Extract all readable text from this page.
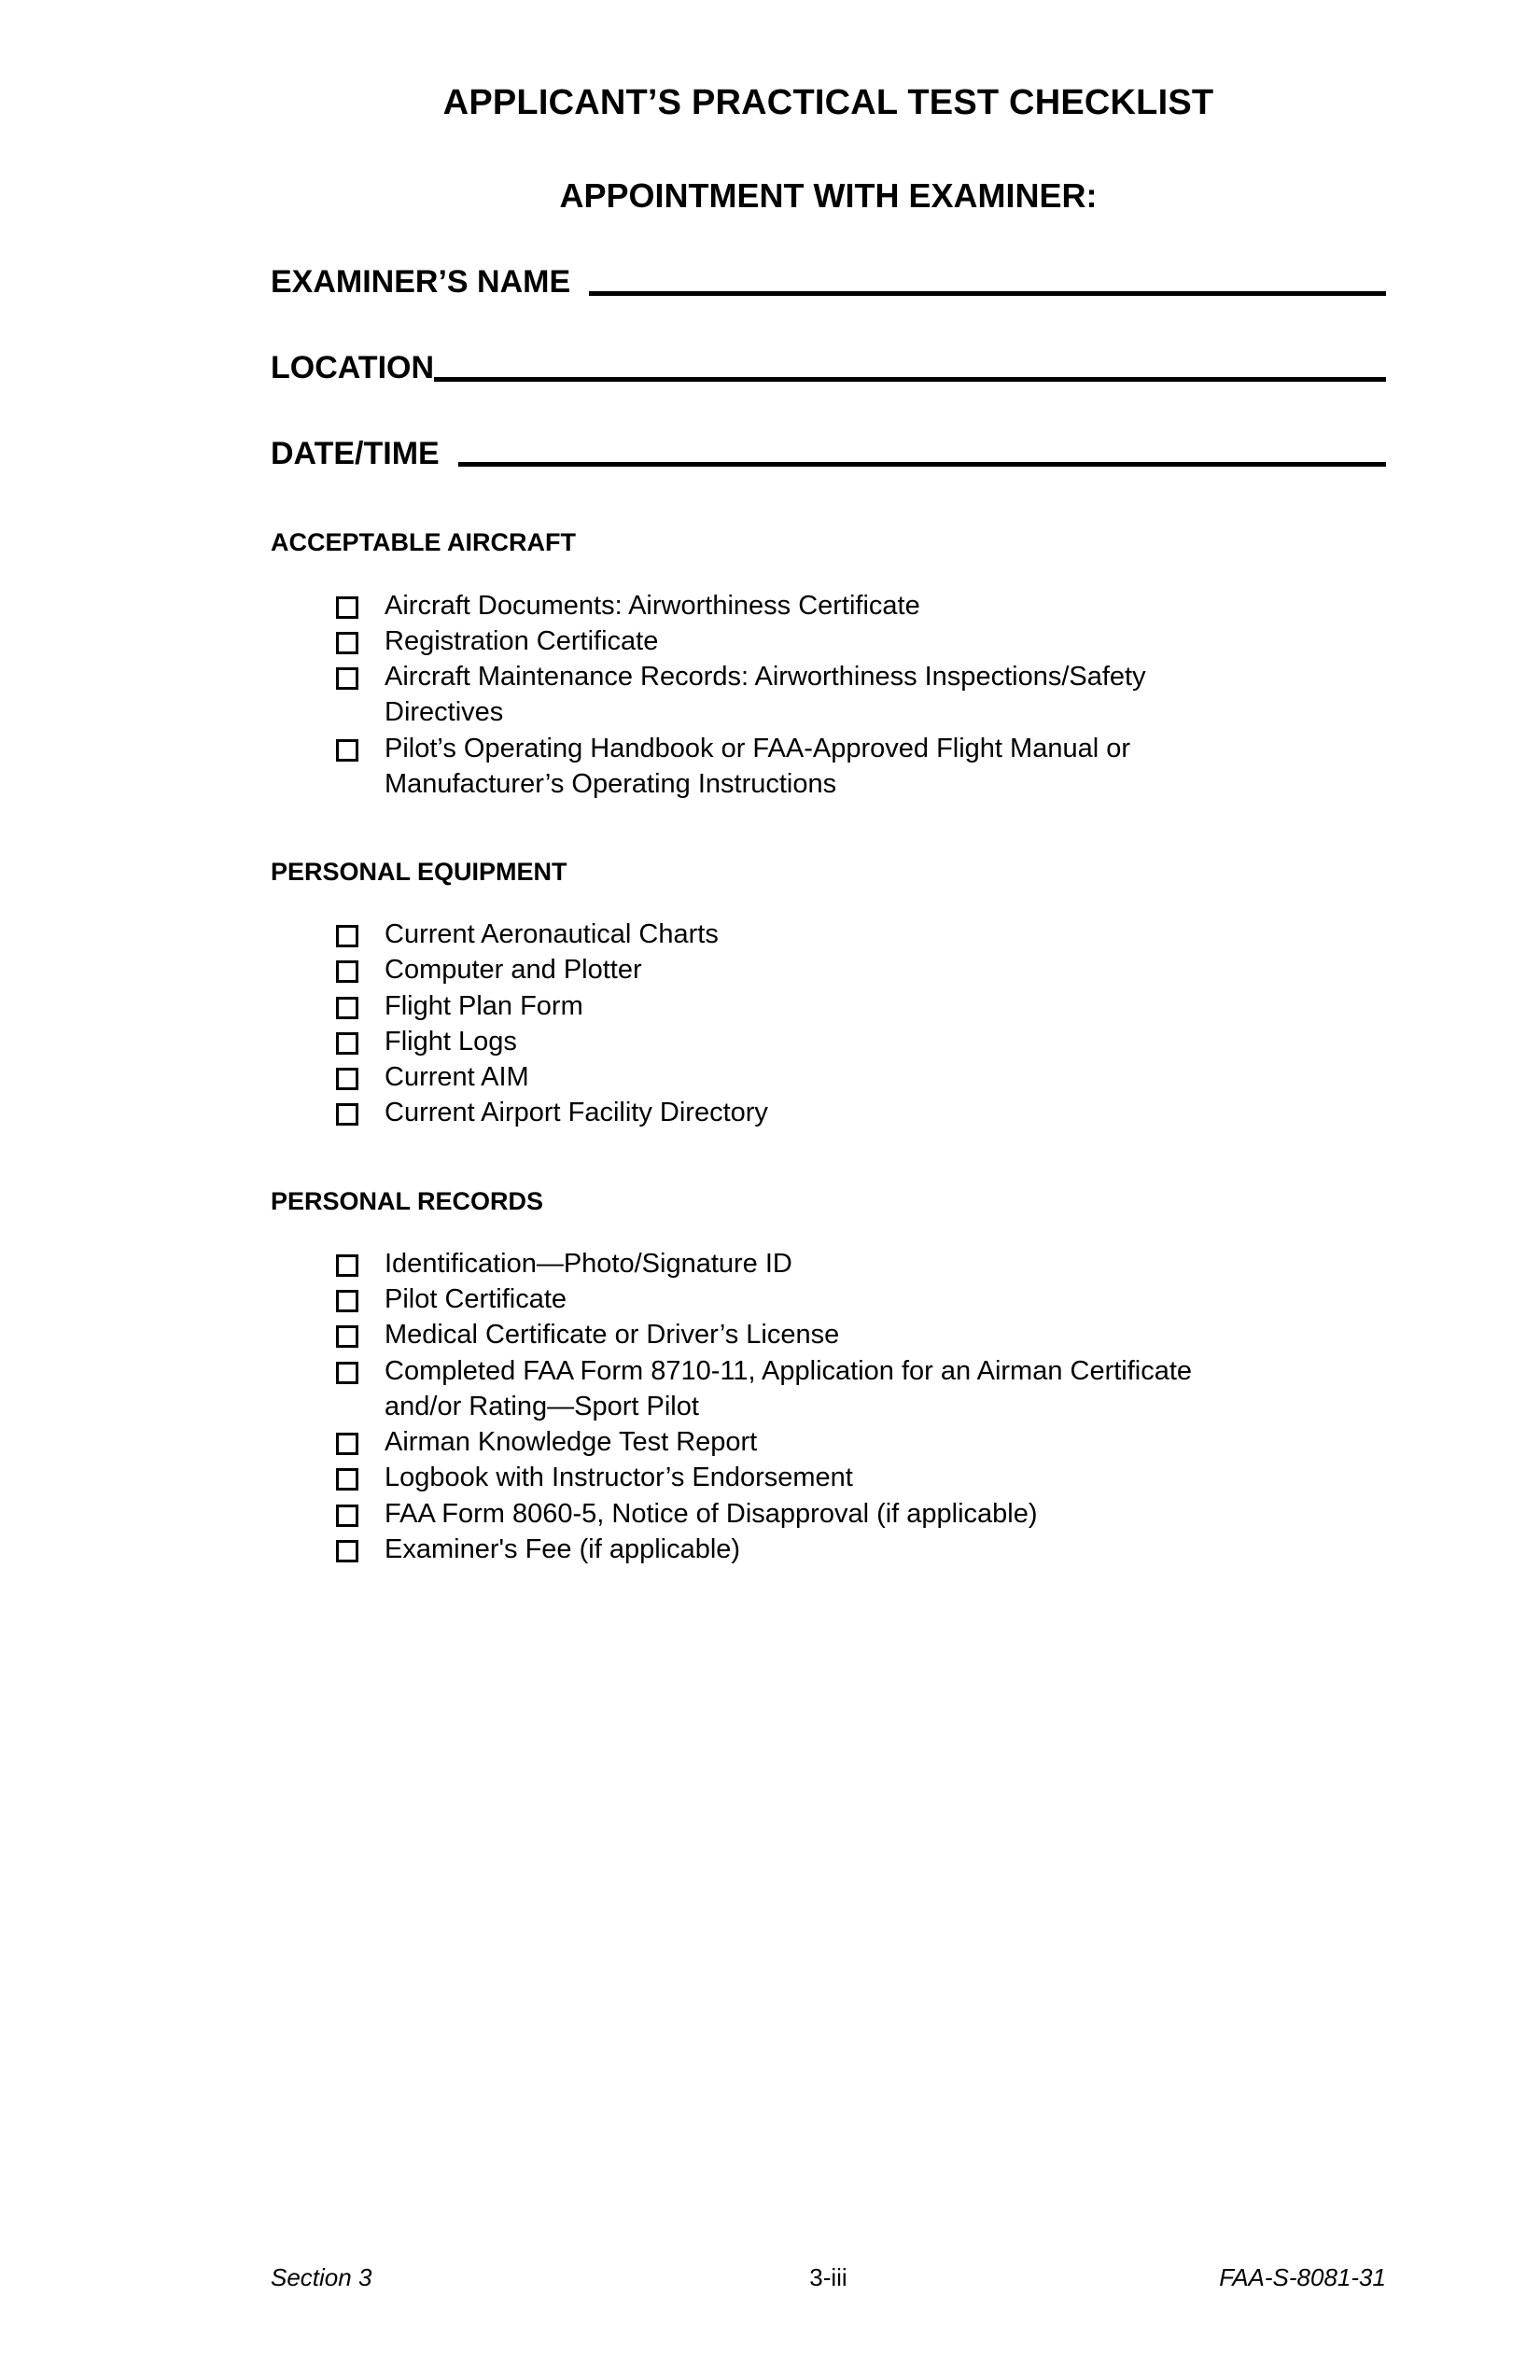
APPLICANT’S PRACTICAL TEST CHECKLIST
APPOINTMENT WITH EXAMINER:
EXAMINER’S NAME
LOCATION
DATE/TIME
ACCEPTABLE AIRCRAFT
Aircraft Documents: Airworthiness Certificate
Registration Certificate
Aircraft Maintenance Records: Airworthiness Inspections/Safety Directives
Pilot’s Operating Handbook or FAA-Approved Flight Manual or Manufacturer’s Operating Instructions
PERSONAL EQUIPMENT
Current Aeronautical Charts
Computer and Plotter
Flight Plan Form
Flight Logs
Current AIM
Current Airport Facility Directory
PERSONAL RECORDS
Identification—Photo/Signature ID
Pilot Certificate
Medical Certificate or Driver’s License
Completed FAA Form 8710-11, Application for an Airman Certificate and/or Rating—Sport Pilot
Airman Knowledge Test Report
Logbook with Instructor’s Endorsement
FAA Form 8060-5, Notice of Disapproval (if applicable)
Examiner's Fee (if applicable)
Section 3	3-iii	FAA-S-8081-31
